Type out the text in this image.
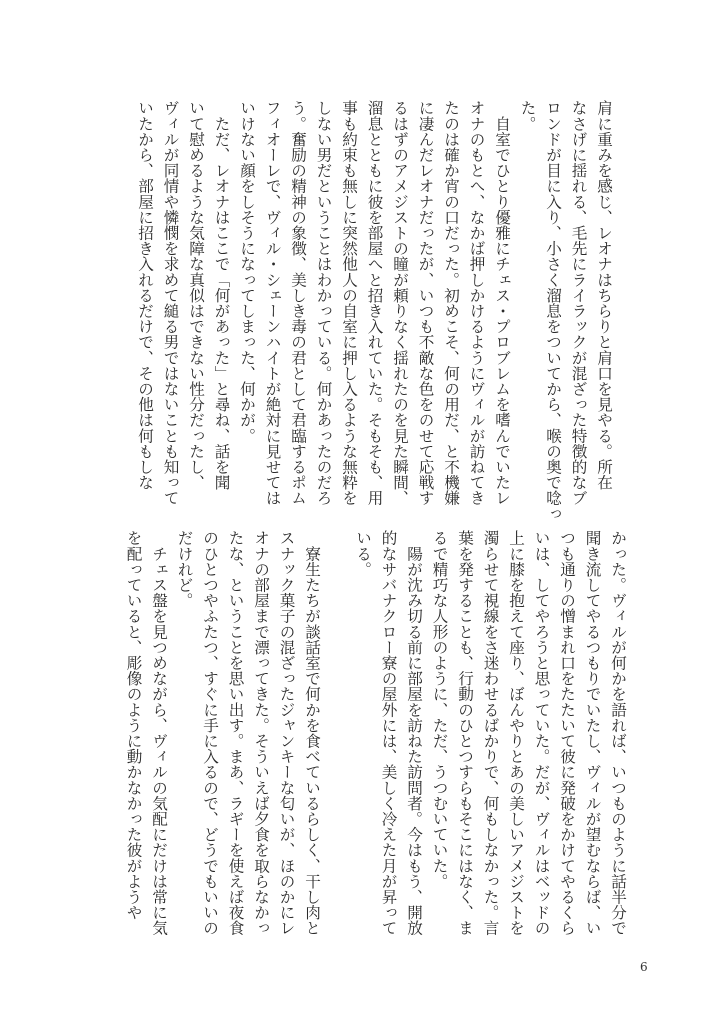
肩に重みを感じ、レオナはちらりと肩口を見やる。所在
なさげに揺れる、毛先にライラックが混ざった特徴的なブ
ロンドが目に入り、小さく溜息をついてから、喉の奥で唸っ
た。
　自室でひとり優雅にチェス・プロブレムを嗜んでいたレ
オナのもとへ、なかば押しかけるようにヴィルが訪ねてき
たのは確か宵の口だった。初めこそ、何の用だ、と不機嫌
に凄んだレオナだったが、いつも不敵な色をのせて応戦す
るはずのアメジストの瞳が頼りなく揺れたのを見た瞬間、
溜息とともに彼を部屋へと招き入れていた。そもそも、用
事も約束も無しに突然他人の自室に押し入るような無粋を
しない男だということはわかっている。何かあったのだろ
う。奮励の精神の象徴、美しき毒の君として君臨するポム
フィオーレで、ヴィル・シェーンハイトが絶対に見せては
いけない顔をしそうになってしまった、何かが。
　ただ、レオナはここで「何があった」と尋ね、話を聞
いて慰めるような気障な真似はできない性分だったし、
ヴィルが同情や憐憫を求めて縋る男ではないことも知って
いたから、部屋に招き入れるだけで、その他は何もしな
かった。ヴィルが何かを語れば、いつものように話半分で
聞き流してやるつもりでいたし、ヴィルが望むならば、い
つも通りの憎まれ口をたたいて彼に発破をかけてやるくら
いは、してやろうと思っていた。だが、ヴィルはベッドの
上に膝を抱えて座り、ぼんやりとあの美しいアメジストを
濁らせて視線をさ迷わせるばかりで、何もしなかった。言
葉を発することも、行動のひとつすらもそこにはなく、ま
るで精巧な人形のように、ただ、うつむいていた。
　陽が沈み切る前に部屋を訪ねた訪問者。今はもう、開放
的なサバナクロー寮の屋外には、美しく冷えた月が昇って
いる。

　寮生たちが談話室で何かを食べているらしく、干し肉と
スナック菓子の混ざったジャンキーな匂いが、ほのかにレ
オナの部屋まで漂ってきた。そういえば夕食を取らなかっ
たな、ということを思い出す。まあ、ラギーを使えば夜食
のひとつやふたつ、すぐに手に入るので、どうでもいいの
だけれど。
　チェス盤を見つめながら、ヴィルの気配にだけは常に気
を配っていると、彫像のように動かなかった彼がようや
6
